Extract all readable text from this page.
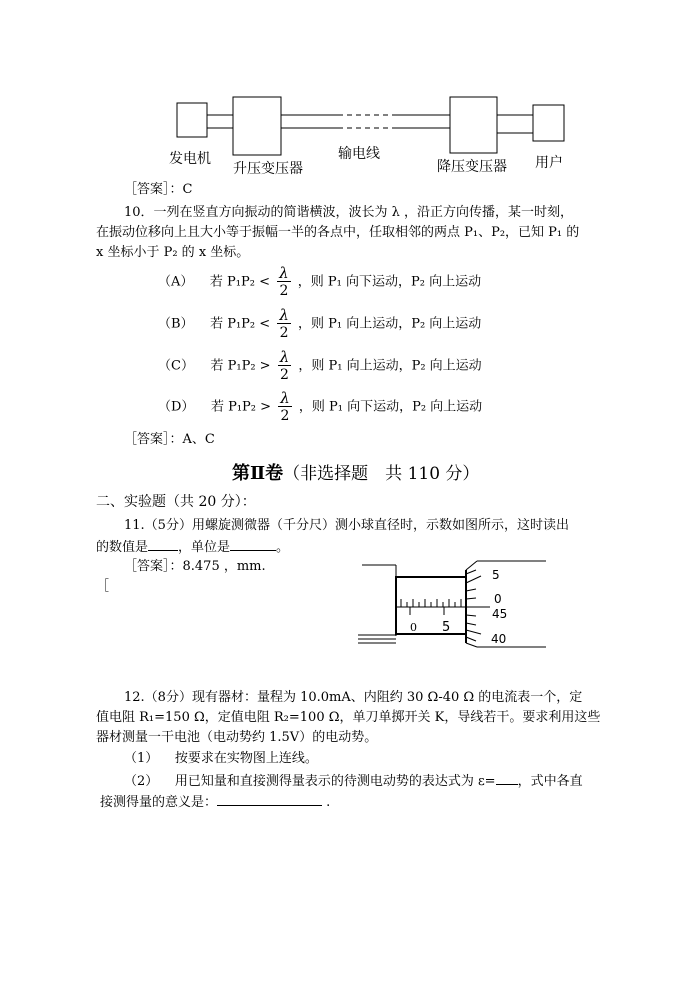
发电机
升压变压器
输电线
降压变压器 用户
［答案］：C
10．一列在竖直方向振动的简谐横波，波长为 λ ，沿正方向传播，某一时刻，
在振动位移向上且大小等于振幅一半的各点中，任取相邻的两点 P₁、P₂，已知 P₁ 的
x 坐标小于 P₂ 的 x 坐标。
（A） 若 $P_1P_2 < \frac{\lambda}{2}$ ，则 P₁ 向下运动，P₂ 向上运动
（B） 若 $P_1P_2 < \frac{\lambda}{2}$ ，则 P₁ 向上运动，P₂ 向上运动
（C） 若 $P_1P_2 > \frac{\lambda}{2}$ ，则 P₁ 向上运动，P₂ 向上运动
（D） 若 $P_1P_2 > \frac{\lambda}{2}$ ，则 P₁ 向下运动，P₂ 向上运动
［答案］：A、C
第Ⅱ卷（非选择题　共 110 分）
二、实验题（共 20 分）：
11.（5分）用螺旋测微器（千分尺）测小球直径时，示数如图所示，这时读出
的数值是 ，单位是	。
［答案］：8.475 ，mm.
［
0 5
5
0
45
40
12.（8分）现有器材：量程为 10.0mA、内阻约 30 Ω-40 Ω 的电流表一个，定
值电阻 R₁=150 Ω，定值电阻 R₂=100 Ω，单刀单掷开关 K，导线若干。要求利用这些
器材测量一干电池（电动势约 1.5V）的电动势。
（1） 按要求在实物图上连线。
（2） 用已知量和直接测得量表示的待测电动势的表达式为 ε= ，式中各直
接测得量的意义是：	.
